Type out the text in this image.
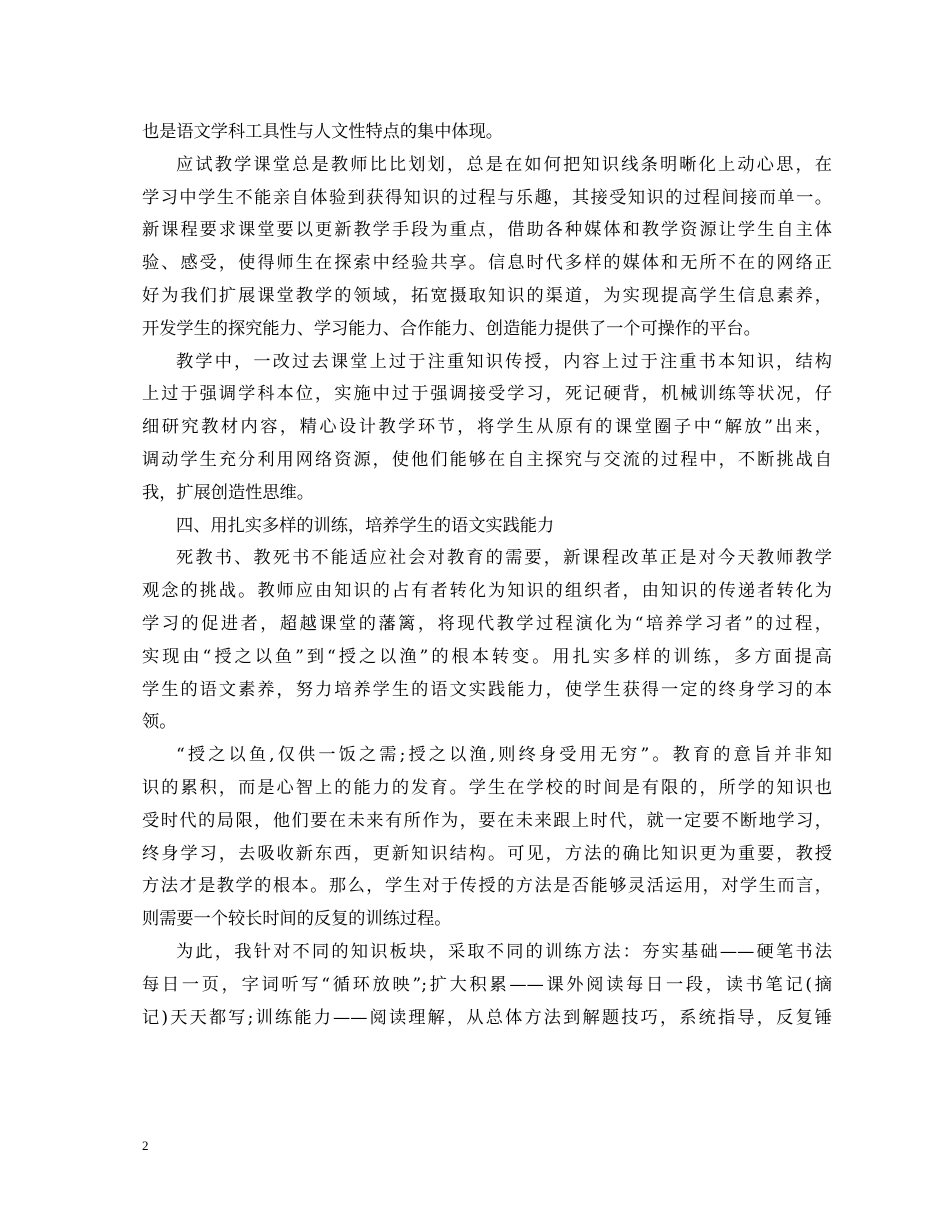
也是语文学科工具性与人文性特点的集中体现。
应试教学课堂总是教师比比划划，总是在如何把知识线条明晰化上动心思，在
学习中学生不能亲自体验到获得知识的过程与乐趣，其接受知识的过程间接而单一。
新课程要求课堂要以更新教学手段为重点，借助各种媒体和教学资源让学生自主体
验、感受，使得师生在探索中经验共享。信息时代多样的媒体和无所不在的网络正
好为我们扩展课堂教学的领域，拓宽摄取知识的渠道，为实现提高学生信息素养，
开发学生的探究能力、学习能力、合作能力、创造能力提供了一个可操作的平台。
教学中，一改过去课堂上过于注重知识传授，内容上过于注重书本知识，结构
上过于强调学科本位，实施中过于强调接受学习，死记硬背，机械训练等状况，仔
细研究教材内容，精心设计教学环节，将学生从原有的课堂圈子中“解放”出来，
调动学生充分利用网络资源，使他们能够在自主探究与交流的过程中，不断挑战自
我，扩展创造性思维。
四、用扎实多样的训练，培养学生的语文实践能力
死教书、教死书不能适应社会对教育的需要，新课程改革正是对今天教师教学
观念的挑战。教师应由知识的占有者转化为知识的组织者，由知识的传递者转化为
学习的促进者，超越课堂的藩篱，将现代教学过程演化为“培养学习者”的过程，
实现由“授之以鱼”到“授之以渔”的根本转变。用扎实多样的训练，多方面提高
学生的语文素养，努力培养学生的语文实践能力，使学生获得一定的终身学习的本
领。
“授之以鱼,仅供一饭之需;授之以渔,则终身受用无穷”。教育的意旨并非知
识的累积，而是心智上的能力的发育。学生在学校的时间是有限的，所学的知识也
受时代的局限，他们要在未来有所作为，要在未来跟上时代，就一定要不断地学习，
终身学习，去吸收新东西，更新知识结构。可见，方法的确比知识更为重要，教授
方法才是教学的根本。那么，学生对于传授的方法是否能够灵活运用，对学生而言，
则需要一个较长时间的反复的训练过程。
为此，我针对不同的知识板块，采取不同的训练方法：夯实基础——硬笔书法
每日一页，字词听写“循环放映”;扩大积累——课外阅读每日一段，读书笔记(摘
记)天天都写;训练能力——阅读理解，从总体方法到解题技巧，系统指导，反复锤
2
